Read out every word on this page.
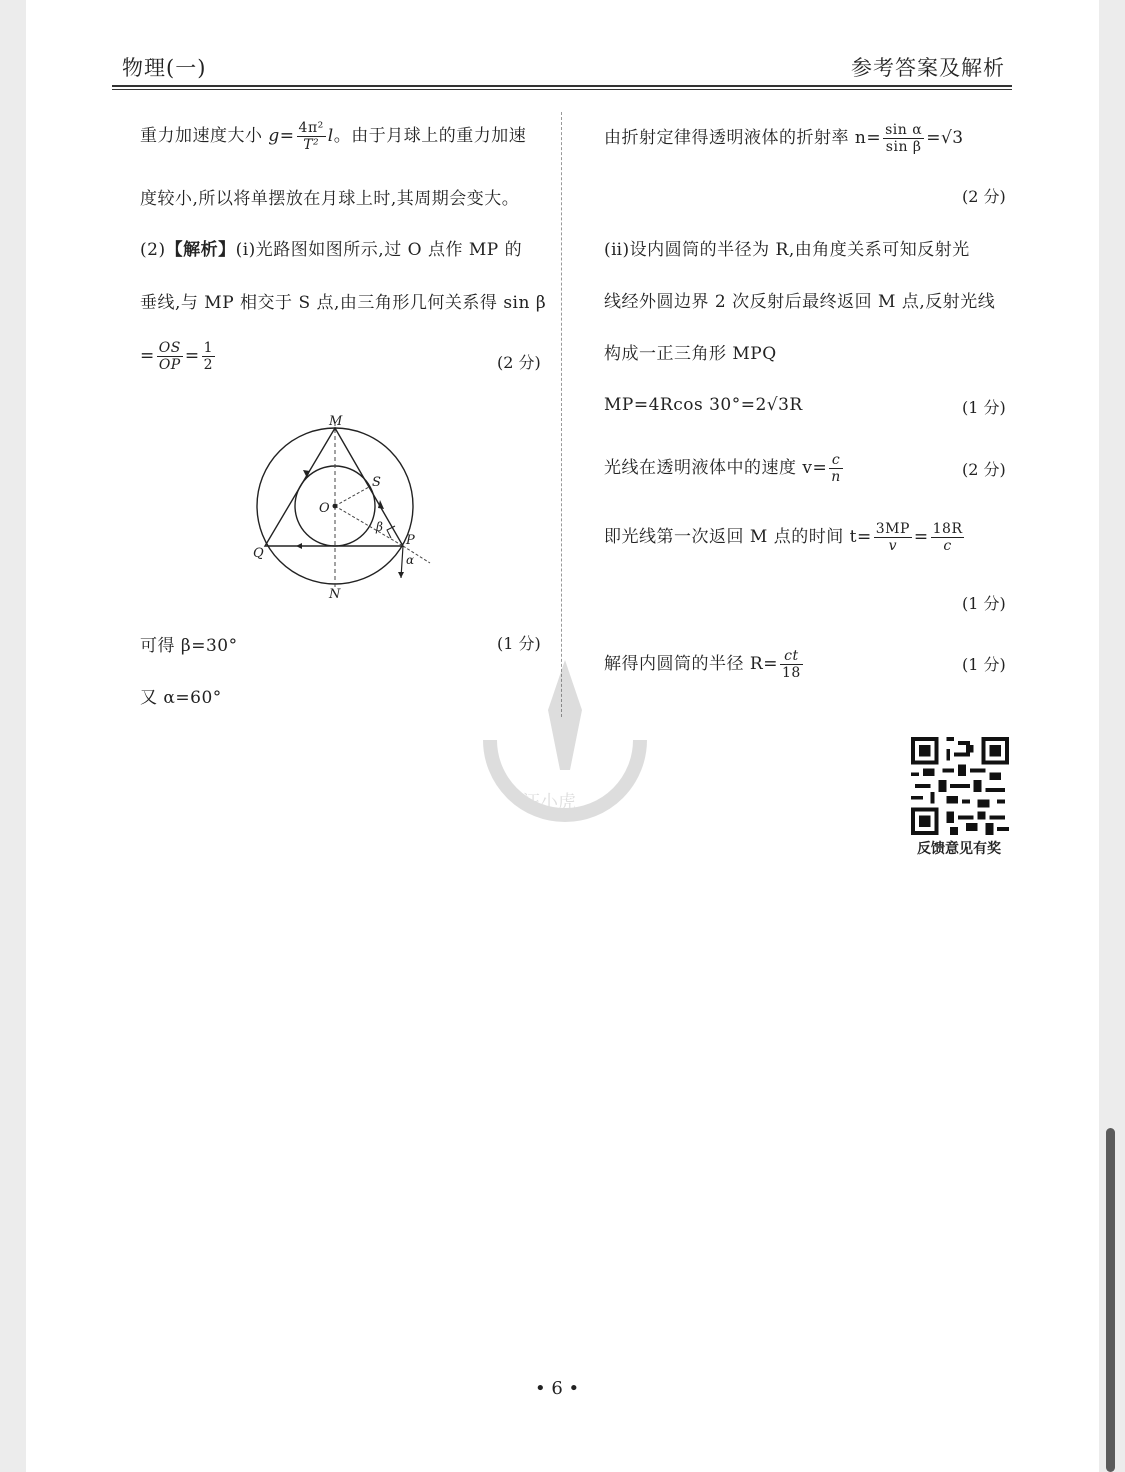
物理(一)	参考答案及解析
重力加速度大小 $g= \frac{\text{4π²}}{\text{T²}}$ l。由于月球上的重力加速
度较小,所以将单摆放在月球上时,其周期会变大。
(2)【解析】(ⅰ)光路图如图所示,过 O 点作 MP 的
垂线,与 MP 相交于 S 点,由三角形几何关系得 sin β
= $\frac{OS}{OP} = \frac{1}{2}$	(2 分)
M
N
O
S
P
Q
β
α
可得 β=30°	(1 分)
又 α=60°
由折射定律得透明液体的折射率 $n= \frac{\text{sin α}}{\text{sin β}} =√3$
(2 分)
(ⅱ)设内圆筒的半径为 R,由角度关系可知反射光
线经外圆边界 2 次反射后最终返回 M 点,反射光线
构成一正三角形 MPQ
MP=4Rcos 30°=2√3R	(1 分)
光线在透明液体中的速度 $v= \frac{c}{n}$	(2 分)
即光线第一次返回 M 点的时间 $t= \frac{3MP}{v} = \frac{18R}{c}$
(1 分)
解得内圆筒的半径 $R= \frac{ct}{18}$	(1 分)
汪小虎
反馈意见有奖
• 6 •
